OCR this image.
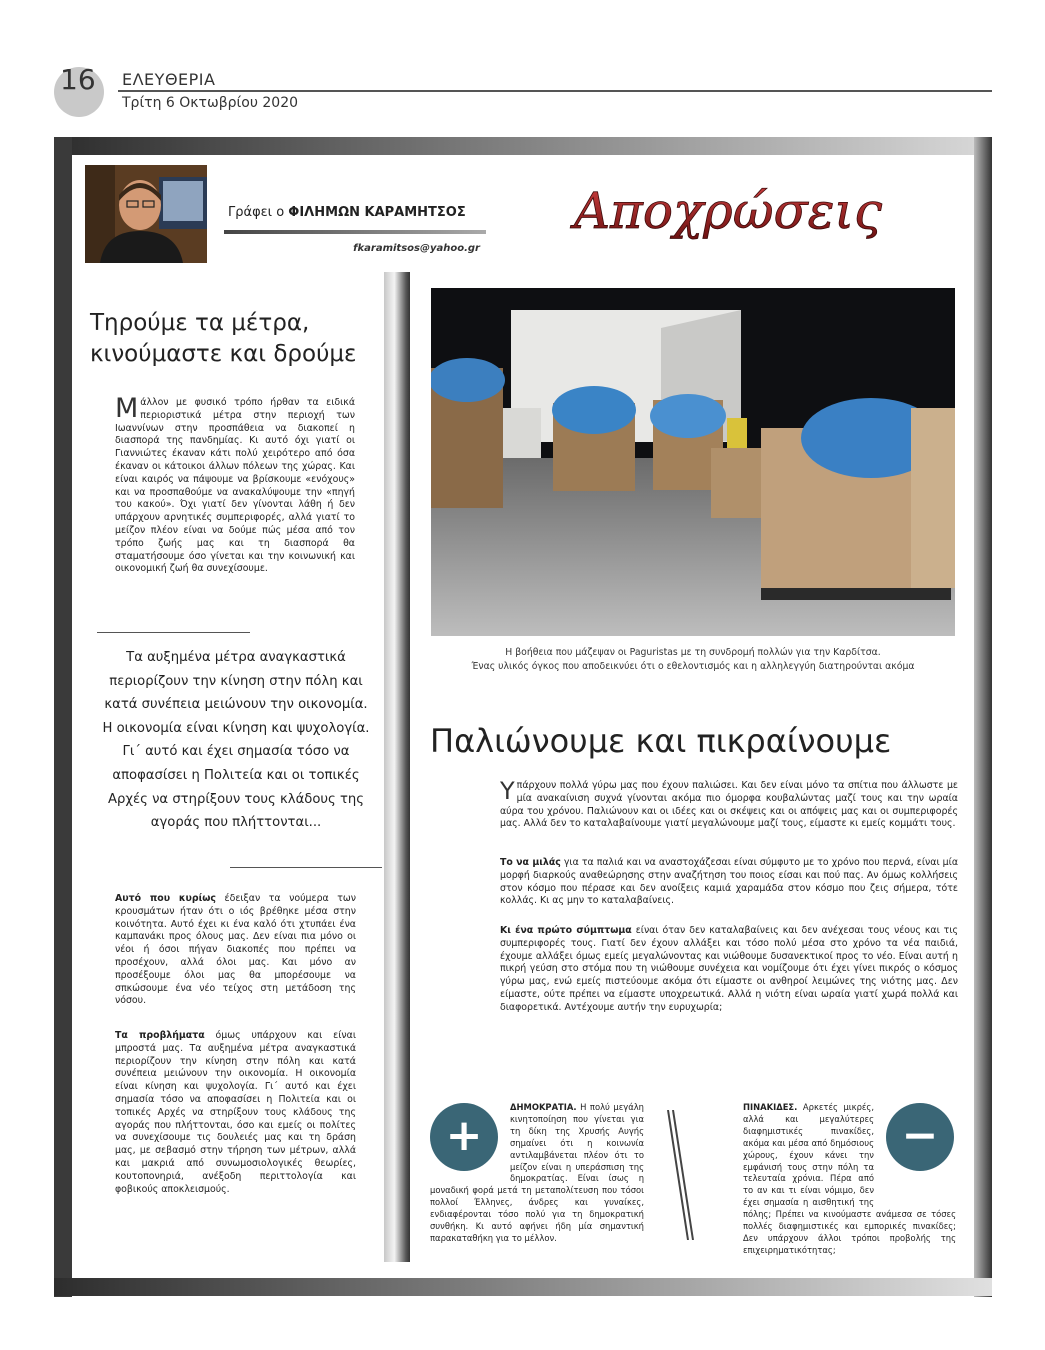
16 ΕΛΕΥΘΕΡΙΑ
Τρίτη 6 Οκτωβρίου 2020
Γράφει ο ΦΙΛΗΜΩΝ ΚΑΡΑΜΗΤΣΟΣ
fkaramitsos@yahoo.gr
Αποχρώσεις
Τηρούμε τα μέτρα,
κινούμαστε και δρούμε
Μάλλον με φυσικό τρόπο ήρθαν τα ειδικά περιοριστικά μέτρα στην περιοχή των Ιωαννίνων στην προσπάθεια να διακοπεί η διασπορά της πανδημίας. Κι αυτό όχι γιατί οι Γιαννιώτες έκαναν κάτι πολύ χειρότερο από όσα έκαναν οι κάτοικοι άλλων πόλεων της χώρας. Και είναι καιρός να πάψουμε να βρίσκουμε «ενόχους» και να προσπαθούμε να ανακαλύψουμε την «πηγή του κακού». Όχι γιατί δεν γίνονται λάθη ή δεν υπάρχουν αρνητικές συμπεριφορές, αλλά γιατί το μείζον πλέον είναι να δούμε πώς μέσα από τον τρόπο ζωής μας και τη διασπορά θα σταματήσουμε όσο γίνεται και την κοινωνική και οικονομική ζωή θα συνεχίσουμε.
Τα αυξημένα μέτρα αναγκαστικά περιορίζουν την κίνηση στην πόλη και κατά συνέπεια μειώνουν την οικονομία. Η οικονομία είναι κίνηση και ψυχολογία. Γι΄ αυτό και έχει σημασία τόσο να αποφασίσει η Πολιτεία και οι τοπικές Αρχές να στηρίξουν τους κλάδους της αγοράς που πλήττονται...
Αυτό που κυρίως έδειξαν τα νούμερα των κρουσμάτων ήταν ότι ο ιός βρέθηκε μέσα στην κοινότητα. Αυτό έχει κι ένα καλό ότι χτυπάει ένα καμπανάκι προς όλους μας. Δεν είναι πια μόνο οι νέοι ή όσοι πήγαν διακοπές που πρέπει να προσέχουν, αλλά όλοι μας. Και μόνο αν προσέξουμε όλοι μας θα μπορέσουμε να σπκώσουμε ένα νέο τείχος στη μετάδοση της νόσου.
Τα προβλήματα όμως υπάρχουν και είναι μπροστά μας. Τα αυξημένα μέτρα αναγκαστικά περιορίζουν την κίνηση στην πόλη και κατά συνέπεια μειώνουν την οικονομία. Η οικονομία είναι κίνηση και ψυχολογία. Γι΄ αυτό και έχει σημασία τόσο να αποφασίσει η Πολιτεία και οι τοπικές Αρχές να στηρίξουν τους κλάδους της αγοράς που πλήττονται, όσο και εμείς οι πολίτες να συνεχίσουμε τις δουλειές μας και τη δράση μας, με σεβασμό στην τήρηση των μέτρων, αλλά και μακριά από συνωμοσιολογικές θεωρίες, κουτοπονηριά, ανέξοδη περιττολογία και φοβικούς αποκλεισμούς.
Η βοήθεια που μάζεψαν οι Paguristas με τη συνδρομή πολλών για την Καρδίτσα.
Ένας υλικός όγκος που αποδεικνύει ότι ο εθελοντισμός και η αλληλεγγύη διατηρούνται ακόμα
Παλιώνουμε και πικραίνουμε
Υπάρχουν πολλά γύρω μας που έχουν παλιώσει. Και δεν είναι μόνο τα σπίτια που άλλωστε με μία ανακαίνιση συχνά γίνονται ακόμα πιο όμορφα κουβαλώντας μαζί τους και την ωραία αύρα του χρόνου. Παλιώνουν και οι ιδέες και οι σκέψεις και οι απόψεις μας και οι συμπεριφορές μας. Αλλά δεν το καταλαβαίνουμε γιατί μεγαλώνουμε μαζί τους, είμαστε κι εμείς κομμάτι τους.
Το να μιλάς για τα παλιά και να αναστοχάζεσαι είναι σύμφυτο με το χρόνο που περνά, είναι μία μορφή διαρκούς αναθεώρησης στην αναζήτηση του ποιος είσαι και πού πας. Αν όμως κολλήσεις στον κόσμο που πέρασε και δεν ανοίξεις καμιά χαραμάδα στον κόσμο που ζεις σήμερα, τότε κολλάς. Κι ας μην το καταλαβαίνεις.
Κι ένα πρώτο σύμπτωμα είναι όταν δεν καταλαβαίνεις και δεν ανέχεσαι τους νέους και τις συμπεριφορές τους. Γιατί δεν έχουν αλλάξει και τόσο πολύ μέσα στο χρόνο τα νέα παιδιά, έχουμε αλλάξει όμως εμείς μεγαλώνοντας και νιώθουμε δυσανεκτικοί προς το νέο. Είναι αυτή η πικρή γεύση στο στόμα που τη νιώθουμε συνέχεια και νομίζουμε ότι έχει γίνει πικρός ο κόσμος γύρω μας, ενώ εμείς πιστεύουμε ακόμα ότι είμαστε οι ανθηροί λειμώνες της νιότης μας. Δεν είμαστε, ούτε πρέπει να είμαστε υποχρεωτικά. Αλλά η νιότη είναι ωραία γιατί χωρά πολλά και διαφορετικά. Αντέχουμε αυτήν την ευρυχωρία;
+
ΔΗΜΟΚΡΑΤΙΑ. Η πολύ μεγάλη κινητοποίηση που γίνεται για τη δίκη της Χρυσής Αυγής σημαίνει ότι η κοινωνία αντιλαμβάνεται πλέον ότι το μείζον είναι η υπεράσπιση της δημοκρατίας. Είναι ίσως η μοναδική φορά μετά τη μεταπολίτευση που τόσοι πολλοί Έλληνες, άνδρες και γυναίκες, ενδιαφέρονται τόσο πολύ για τη δημοκρατική συνθήκη. Κι αυτό αφήνει ήδη μία σημαντική παρακαταθήκη για το μέλλον.
−
ΠΙΝΑΚΙΔΕΣ. Αρκετές μικρές, αλλά και μεγαλύτερες διαφημιστικές πινακίδες, ακόμα και μέσα από δημόσιους χώρους, έχουν κάνει την εμφάνισή τους στην πόλη τα τελευταία χρόνια. Πέρα από το αν και τι είναι νόμιμο, δεν έχει σημασία η αισθητική της πόλης; Πρέπει να κινούμαστε ανάμεσα σε τόσες πολλές διαφημιστικές και εμπορικές πινακίδες; Δεν υπάρχουν άλλοι τρόποι προβολής της επιχειρηματικότητας;
